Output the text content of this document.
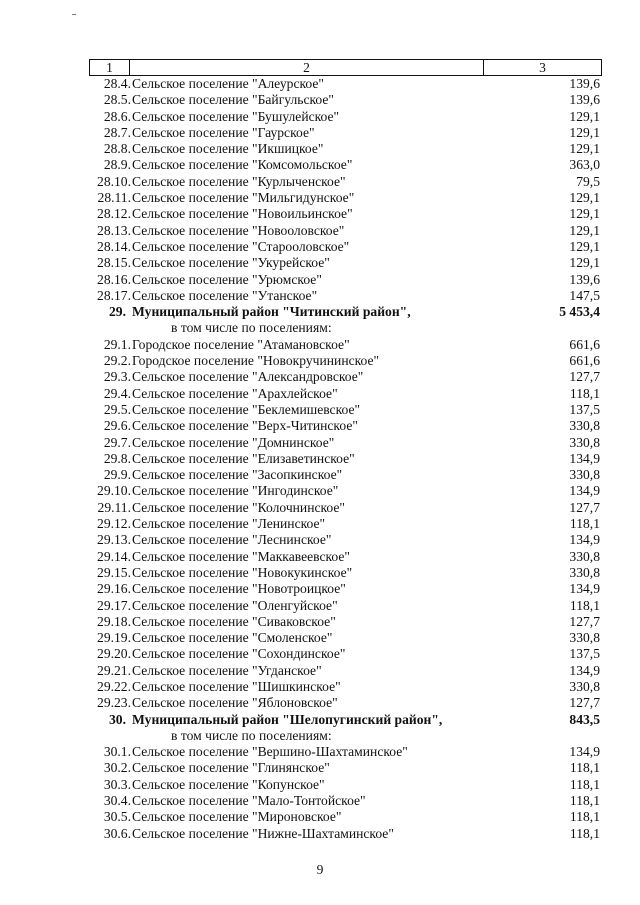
1	2	3
28.4. Сельское поселение "Алеурское"	139,6
28.5. Сельское поселение "Байгульское"	139,6
28.6. Сельское поселение "Бушулейское"	129,1
28.7. Сельское поселение "Гаурское"	129,1
28.8. Сельское поселение "Икшицкое"	129,1
28.9. Сельское поселение "Комсомольское"	363,0
28.10. Сельское поселение "Курлыченское"	79,5
28.11. Сельское поселение "Мильгидунское"	129,1
28.12. Сельское поселение "Новоильинское"	129,1
28.13. Сельское поселение "Новооловское"	129,1
28.14. Сельское поселение "Старооловское"	129,1
28.15. Сельское поселение "Укурейское"	129,1
28.16. Сельское поселение "Урюмское"	139,6
28.17. Сельское поселение "Утанское"	147,5
29. Муниципальный район "Читинский район",	5 453,4
в том числе по поселениям:
29.1. Городское поселение "Атамановское"	661,6
29.2. Городское поселение "Новокручининское"	661,6
29.3. Сельское поселение "Александровское"	127,7
29.4. Сельское поселение "Арахлейское"	118,1
29.5. Сельское поселение "Беклемишевское"	137,5
29.6. Сельское поселение "Верх-Читинское"	330,8
29.7. Сельское поселение "Домнинское"	330,8
29.8. Сельское поселение "Елизаветинское"	134,9
29.9. Сельское поселение "Засопкинское"	330,8
29.10. Сельское поселение "Ингодинское"	134,9
29.11. Сельское поселение "Колочнинское"	127,7
29.12. Сельское поселение "Ленинское"	118,1
29.13. Сельское поселение "Леснинское"	134,9
29.14. Сельское поселение "Маккавеевское"	330,8
29.15. Сельское поселение "Новокукинское"	330,8
29.16. Сельское поселение "Новотроицкое"	134,9
29.17. Сельское поселение "Оленгуйское"	118,1
29.18. Сельское поселение "Сиваковское"	127,7
29.19. Сельское поселение "Смоленское"	330,8
29.20. Сельское поселение "Сохондинское"	137,5
29.21. Сельское поселение "Угданское"	134,9
29.22. Сельское поселение "Шишкинское"	330,8
29.23. Сельское поселение "Яблоновское"	127,7
30. Муниципальный район "Шелопугинский район",	843,5
в том числе по поселениям:
30.1. Сельское поселение "Вершино-Шахтаминское"	134,9
30.2. Сельское поселение "Глинянское"	118,1
30.3. Сельское поселение "Копунское"	118,1
30.4. Сельское поселение "Мало-Тонтойское"	118,1
30.5. Сельское поселение "Мироновское"	118,1
30.6. Сельское поселение "Нижне-Шахтаминское"	118,1
9
